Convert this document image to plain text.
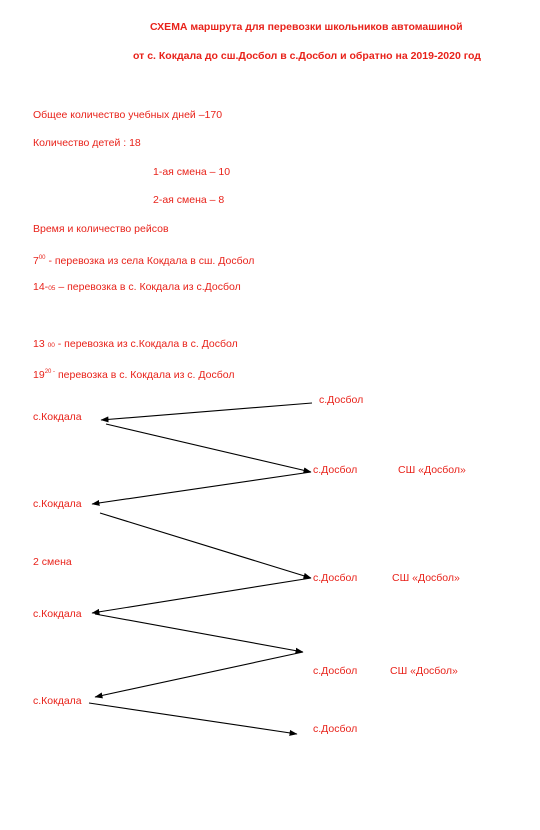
СХЕМА маршрута для перевозки школьников автомашиной
от с. Кокдала до сш.Досбол в с.Досбол и обратно на 2019-2020 год
Общее количество учебных дней –170
Количество детей : 18
1-ая смена – 10
2-ая смена – 8
Время и количество рейсов
$7^{00}$ - перевозка из села Кокдала в сш. Досбол
14-05 – перевозка в с. Кокдала из с.Досбол
13 00 - перевозка из с.Кокдала в с. Досбол
$19^{20 -}$ перевозка в с. Кокдала из с. Досбол
с.Досбол
с.Кокдала
с.Досбол	СШ «Досбол»
с.Кокдала
2 смена
с.Досбол	СШ «Досбол»
с.Кокдала
с.Досбол	СШ «Досбол»
с.Кокдала
с.Досбол
